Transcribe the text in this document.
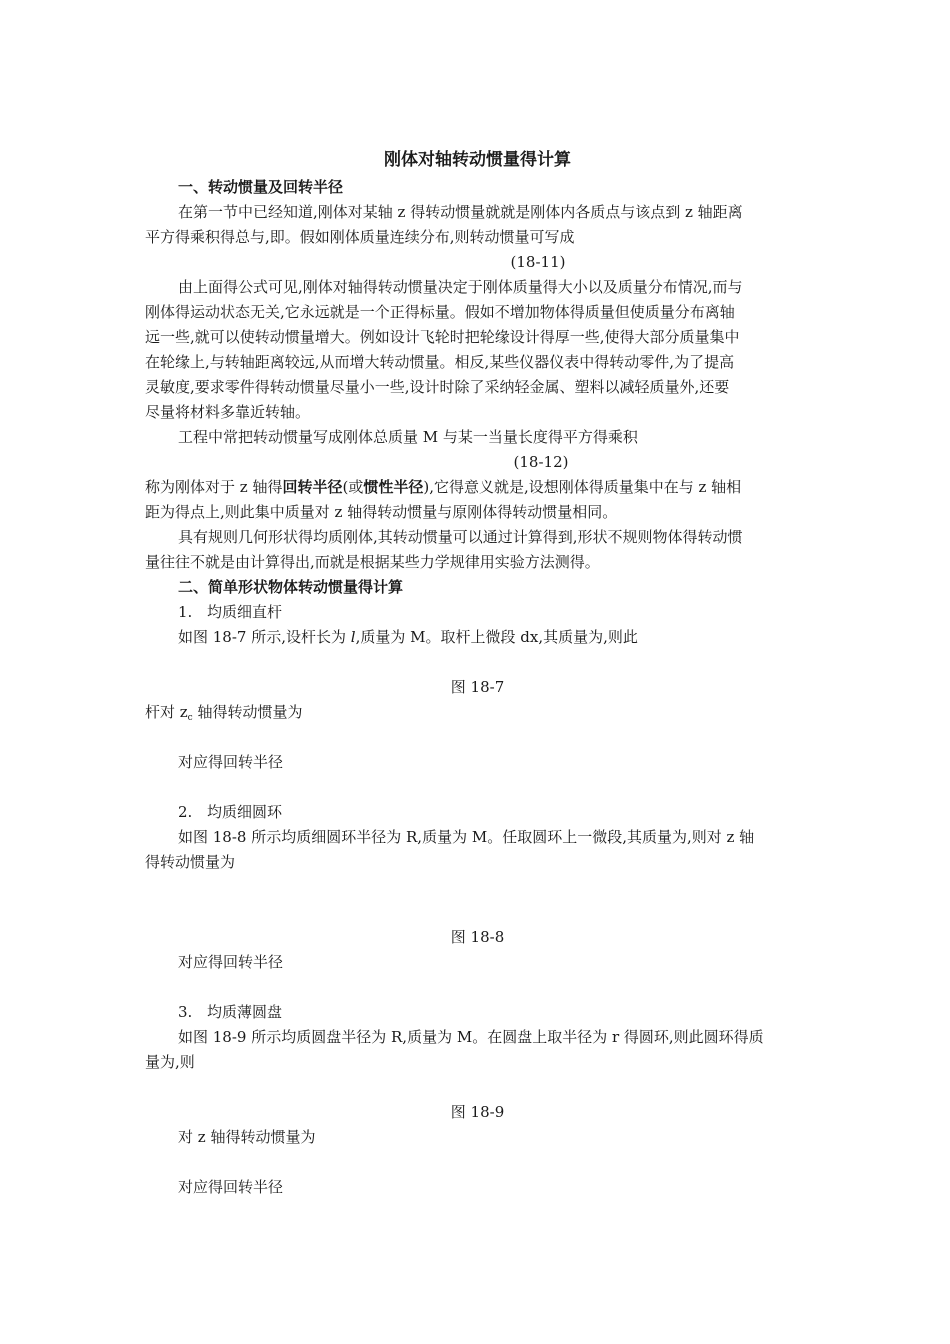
刚体对轴转动惯量得计算
一、转动惯量及回转半径
在第一节中已经知道,刚体对某轴 z 得转动惯量就就是刚体内各质点与该点到 z 轴距离
平方得乘积得总与,即。假如刚体质量连续分布,则转动惯量可写成
(18-11)
由上面得公式可见,刚体对轴得转动惯量决定于刚体质量得大小以及质量分布情况,而与
刚体得运动状态无关,它永远就是一个正得标量。假如不增加物体得质量但使质量分布离轴
远一些,就可以使转动惯量增大。例如设计飞轮时把轮缘设计得厚一些,使得大部分质量集中
在轮缘上,与转轴距离较远,从而增大转动惯量。相反,某些仪器仪表中得转动零件,为了提高
灵敏度,要求零件得转动惯量尽量小一些,设计时除了采纳轻金属、塑料以减轻质量外,还要
尽量将材料多靠近转轴。
工程中常把转动惯量写成刚体总质量 M 与某一当量长度得平方得乘积
(18-12)
称为刚体对于 z 轴得回转半径(或惯性半径),它得意义就是,设想刚体得质量集中在与 z 轴相
距为得点上,则此集中质量对 z 轴得转动惯量与原刚体得转动惯量相同。
具有规则几何形状得均质刚体,其转动惯量可以通过计算得到,形状不规则物体得转动惯
量往往不就是由计算得出,而就是根据某些力学规律用实验方法测得。
二、简单形状物体转动惯量得计算
1. 均质细直杆
如图 18-7 所示,设杆长为 l,质量为 M。取杆上微段 dx,其质量为,则此
图 18-7
杆对 $z_c$ 轴得转动惯量为
对应得回转半径
2. 均质细圆环
如图 18-8 所示均质细圆环半径为 R,质量为 M。任取圆环上一微段,其质量为,则对 z 轴
得转动惯量为
图 18-8
对应得回转半径
3. 均质薄圆盘
如图 18-9 所示均质圆盘半径为 R,质量为 M。在圆盘上取半径为 r 得圆环,则此圆环得质
量为,则
图 18-9
对 z 轴得转动惯量为
对应得回转半径
